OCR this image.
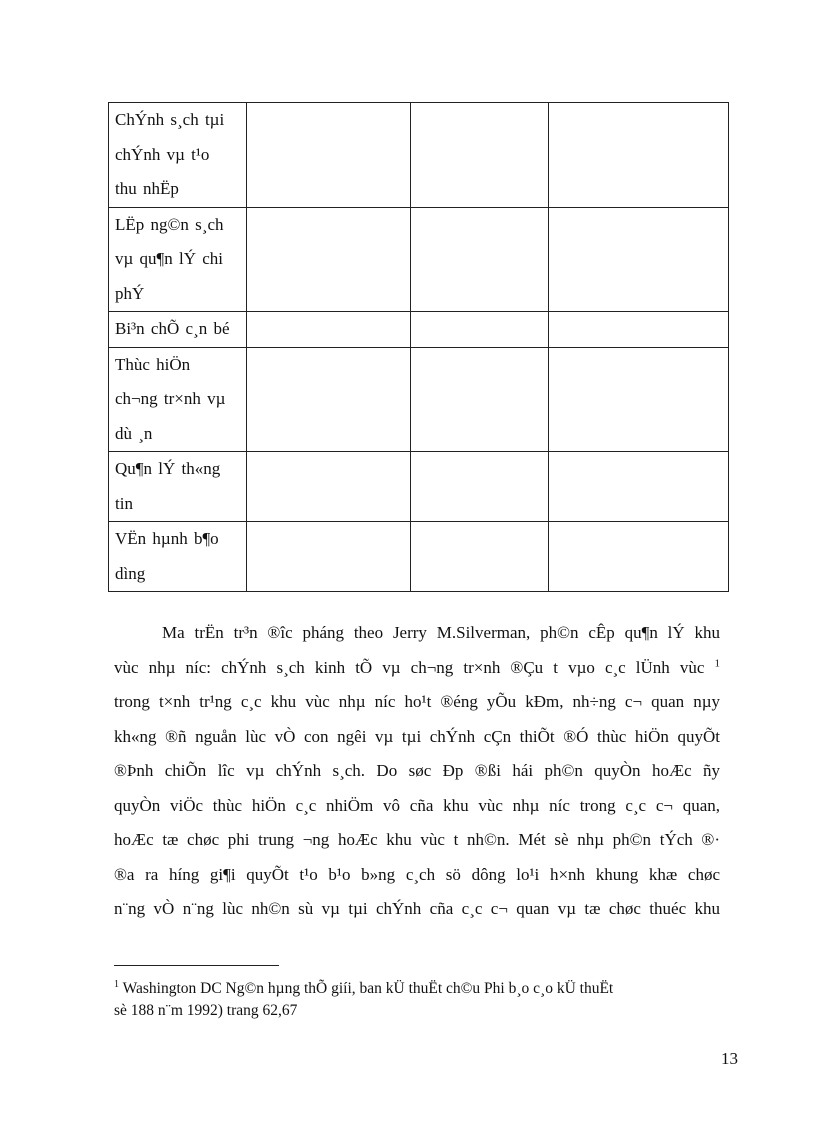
ChÝnh s¸ch tµi
chÝnh vµ t¹o
thu nhËp			

LËp ng©n s¸ch
vµ qu¶n lÝ chi
phÝ			

Bi³n chÕ c¸n bé			

Thùc hiÖn
ch¬ng tr×nh vµ
dù ¸n			

Qu¶n lÝ th«ng
tin			

VËn hµnh b¶o
dìng			

Ma trËn tr³n ®îc pháng theo Jerry M.Silverman, ph©n cÊp qu¶n lÝ khu
vùc nhµ níc: chÝnh s¸ch kinh tÕ vµ ch¬ng tr×nh ®Çu t vµo c¸c lÜnh vùc $^1$
trong t×nh tr¹ng c¸c khu vùc nhµ níc ho¹t ®éng yÕu kÐm, nh÷ng c¬ quan nµy
kh«ng ®ñ nguån lùc vÒ con ngêi vµ tµi chÝnh cÇn thiÕt ®Ó thùc hiÖn quyÕt
®Þnh chiÕn lîc vµ chÝnh s¸ch. Do søc Ðp ®ßi hái ph©n quyÒn hoÆc ñy
quyÒn viÖc thùc hiÖn c¸c nhiÖm vô cña khu vùc nhµ níc trong c¸c c¬ quan,
hoÆc tæ chøc phi trung ¬ng hoÆc khu vùc t nh©n. Mét sè nhµ ph©n tÝch ®·
®a ra híng gi¶i quyÕt t¹o b¹o b»ng c¸ch sö dông lo¹i h×nh khung khæ chøc
n¨ng vÒ n¨ng lùc nh©n sù vµ tµi chÝnh cña c¸c c¬ quan vµ tæ chøc thuéc khu
$^1$ Washington DC Ng©n hµng thÕ giíi, ban kÜ thuËt ch©u Phi b¸o c¸o kÜ thuËt
sè 188 n¨m 1992) trang 62,67
13
